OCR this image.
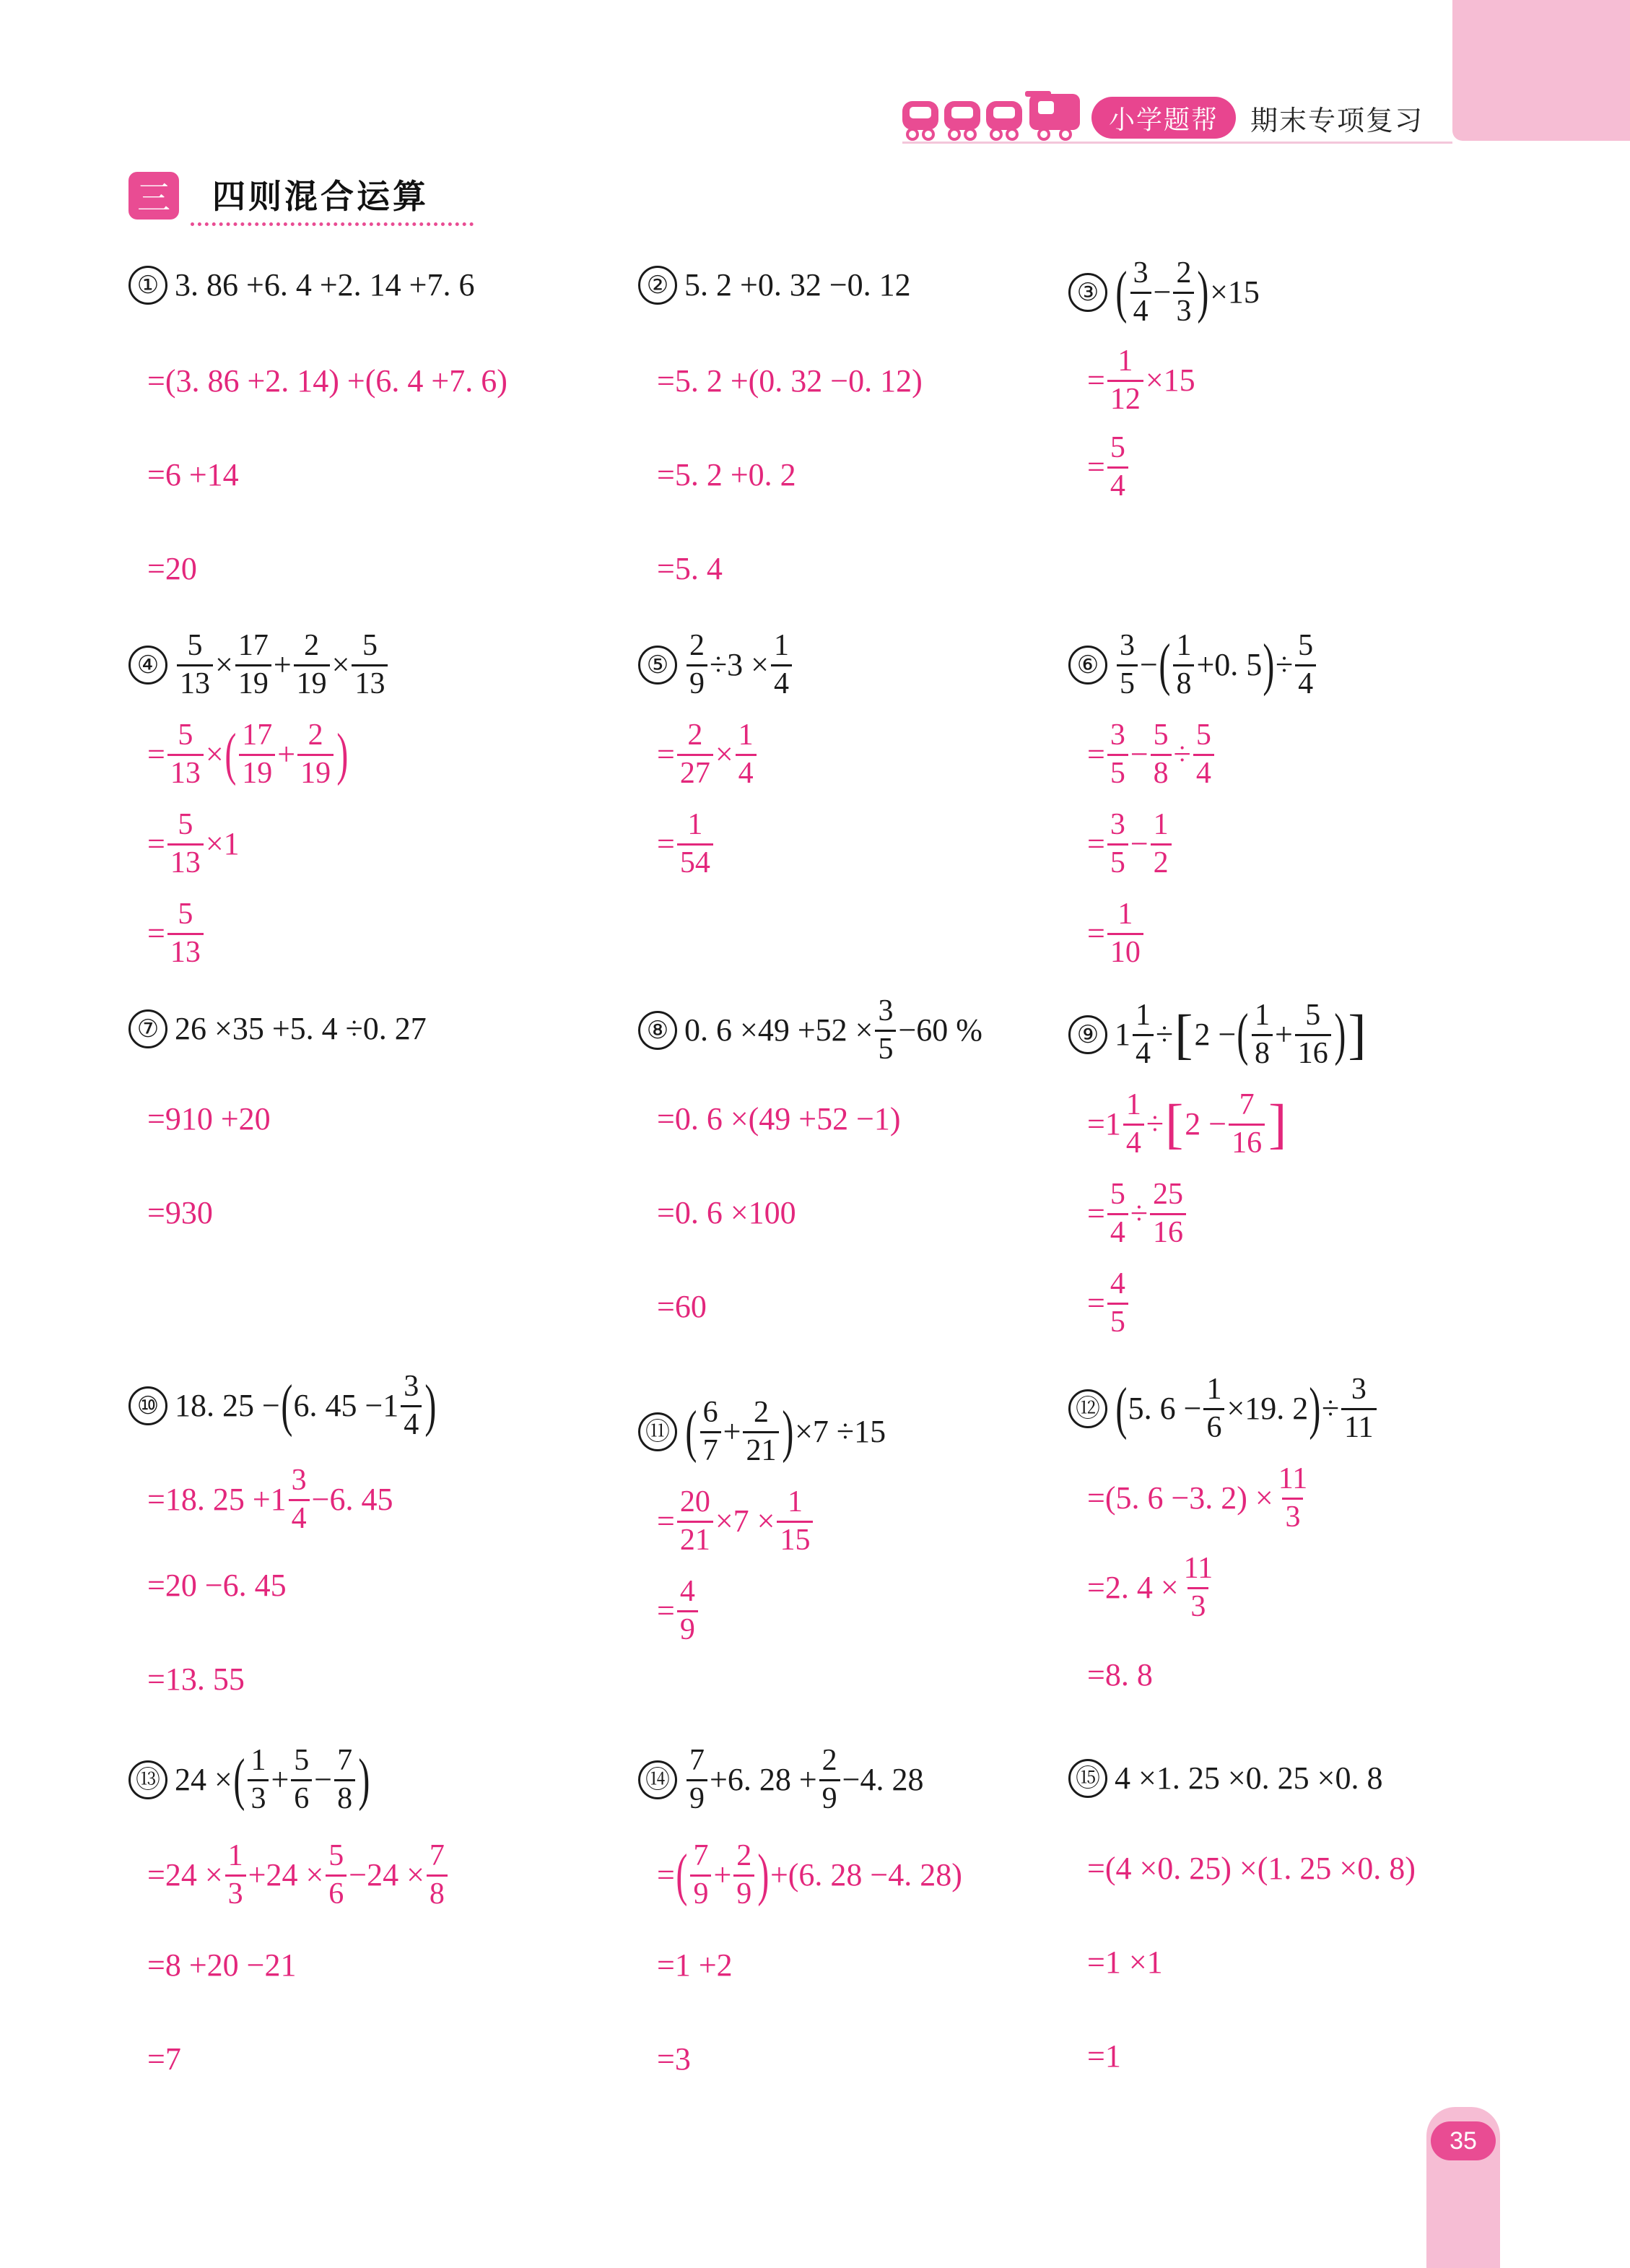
小学题帮	期末专项复习
三 四则混合运算
① 3. 86 +6. 4 +2. 14 +7. 6
=(3. 86 +2. 14) +(6. 4 +7. 6)
=6 +14
=20
② 5. 2 +0. 32 −0. 12
=5. 2 +(0. 32 −0. 12)
=5. 2 +0. 2
=5. 4
③ ( $\frac{3}{4} - \frac{2}{3}$ ) ×15
= $\frac{1}{12} \times 15$
= $\frac{5}{4}$
④ $\frac{5}{13} \times \frac{17}{19} + \frac{2}{19} \times \frac{5}{13}$
= $\frac{5}{13}$ × ( $\frac{17}{19} + \frac{2}{19}$ )
= $\frac{5}{13} \times 1$
= $\frac{5}{13}$
⑤ $\frac{2}{9} \div 3 \times \frac{1}{4}$
= $\frac{2}{27} \times \frac{1}{4}$
= $\frac{1}{54}$
⑥ $\frac{3}{5}$ − ( $\frac{1}{8} +0$. 5 ) ÷ $\frac{5}{4}$
= $\frac{3}{5} - \frac{5}{8} \div \frac{5}{4}$
= $\frac{3}{5} - \frac{1}{2}$
= $\frac{1}{10}$
⑦ 26 ×35 +5. 4 ÷0. 27
=910 +20
=930
⑧ 0. $6 \times 49 +52 \times \frac{3}{5} -60$ %
=0. 6 ×(49 +52 −1)
=0. 6 ×100
=60
⑨ $1 \frac{1}{4}$ ÷ [ 2 − ( $\frac{1}{8} + \frac{5}{16}$ ) ]
= $1 \frac{1}{4}$ ÷ [ $2 - \frac{7}{16}$ ]
= $\frac{5}{4} \div \frac{25}{16}$
= $\frac{4}{5}$
⑩ 18. 25 − ( 6. $45 -1 \frac{3}{4}$ )
=18. $25 +1 \frac{3}{4} -6$. 45
=20 −6. 45
=13. 55
⑪ ( $\frac{6}{7} + \frac{2}{21}$ ) ×7 ÷15
= $\frac{20}{21} \times 7 \times \frac{1}{15}$
= $\frac{4}{9}$
⑫ ( 5. $6 - \frac{1}{6} \times 19$. 2 ) ÷ $\frac{3}{11}$
=(5. 6 −3. $2) \times \frac{11}{3}$
=2. $4 \times \frac{11}{3}$
=8. 8
⑬ 24 × ( $\frac{1}{3} + \frac{5}{6} - \frac{7}{8}$ )
$=24 \times \frac{1}{3} +24 \times \frac{5}{6} -24 \times \frac{7}{8}$
=8 +20 −21
=7
⑭ $\frac{7}{9} +6$. $28 + \frac{2}{9} -4$. 28
= ( $\frac{7}{9} + \frac{2}{9}$ ) +(6. 28 −4. 28)
=1 +2
=3
⑮ 4 ×1. 25 ×0. 25 ×0. 8
=(4 ×0. 25) ×(1. 25 ×0. 8)
=1 ×1
=1
35
